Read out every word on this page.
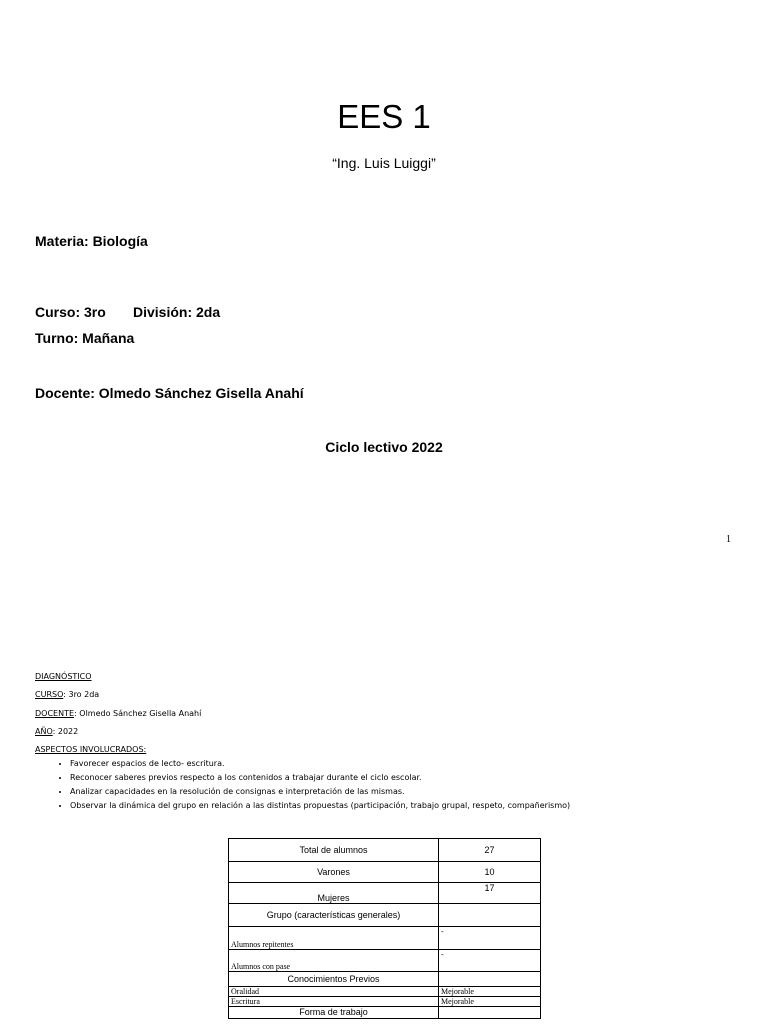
EES 1
“Ing. Luis Luiggi”
Materia: Biología
Curso: 3ro División: 2da
Turno: Mañana
Docente: Olmedo Sánchez Gisella Anahí
Ciclo lectivo 2022
1
DIAGNÓSTICO
CURSO: 3ro 2da
DOCENTE: Olmedo Sánchez Gisella Anahí
AÑO: 2022
ASPECTOS INVOLUCRADOS:
• Favorecer espacios de lecto- escritura.
• Reconocer saberes previos respecto a los contenidos a trabajar durante el ciclo escolar.
• Analizar capacidades en la resolución de consignas e interpretación de las mismas.
• Observar la dinámica del grupo en relación a las distintas propuestas (participación, trabajo grupal, respeto, compañerismo)
Total de alumnos	27
Varones	10
Mujeres	17
Grupo (características generales)	
Alumnos repitentes	-
Alumnos con pase	-
Conocimientos Previos	
Oralidad	Mejorable
Escritura	Mejorable
Forma de trabajo	
